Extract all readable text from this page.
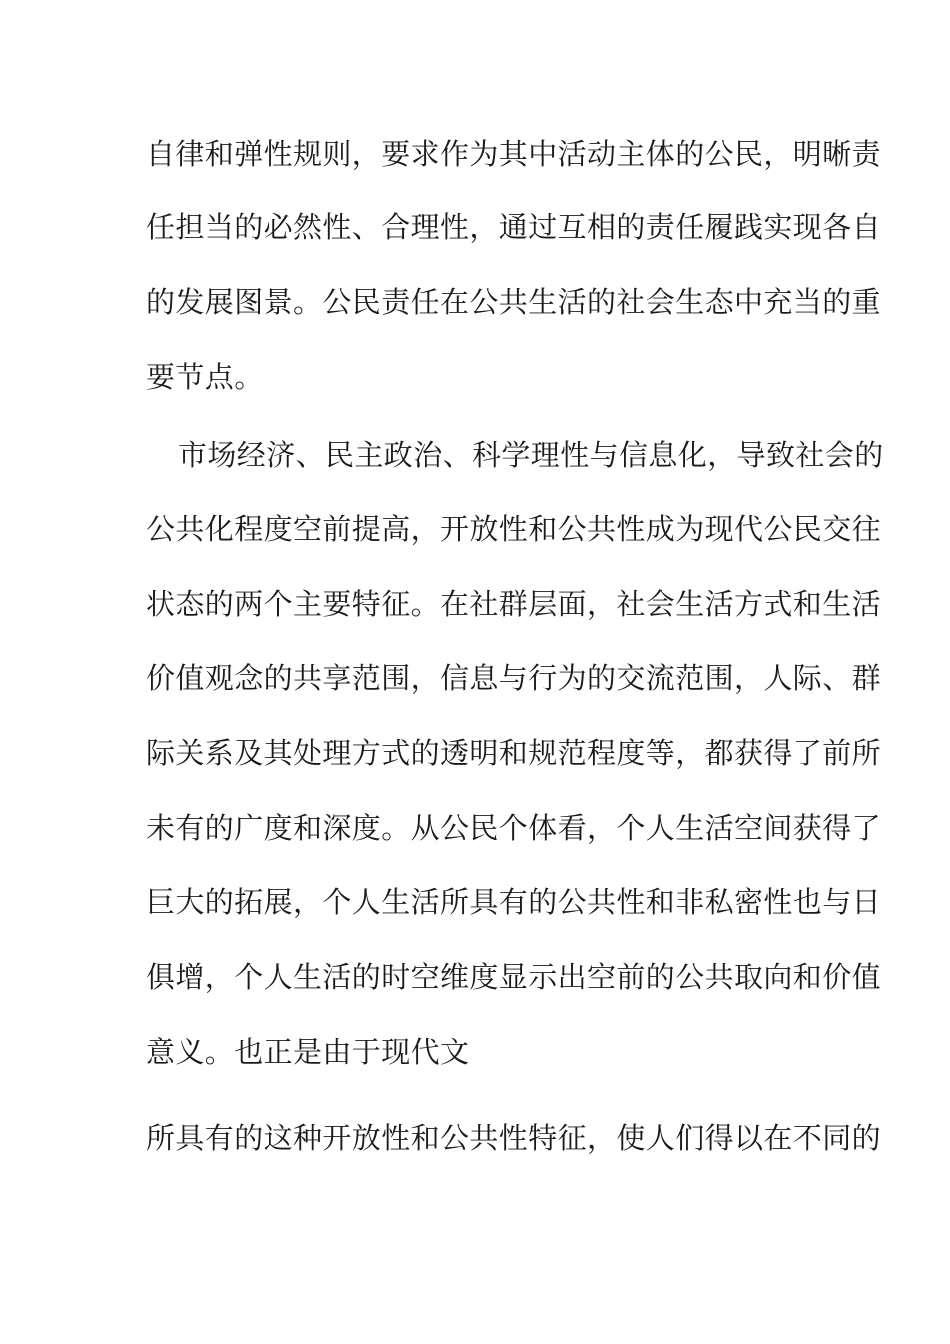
自律和弹性规则，要求作为其中活动主体的公民，明晰责
任担当的必然性、合理性，通过互相的责任履践实现各自
的发展图景。公民责任在公共生活的社会生态中充当的重
要节点。
市场经济、民主政治、科学理性与信息化，导致社会的
公共化程度空前提高，开放性和公共性成为现代公民交往
状态的两个主要特征。在社群层面，社会生活方式和生活
价值观念的共享范围，信息与行为的交流范围，人际、群
际关系及其处理方式的透明和规范程度等，都获得了前所
未有的广度和深度。从公民个体看，个人生活空间获得了
巨大的拓展，个人生活所具有的公共性和非私密性也与日
俱增，个人生活的时空维度显示出空前的公共取向和价值
意义。也正是由于现代文
所具有的这种开放性和公共性特征，使人们得以在不同的
